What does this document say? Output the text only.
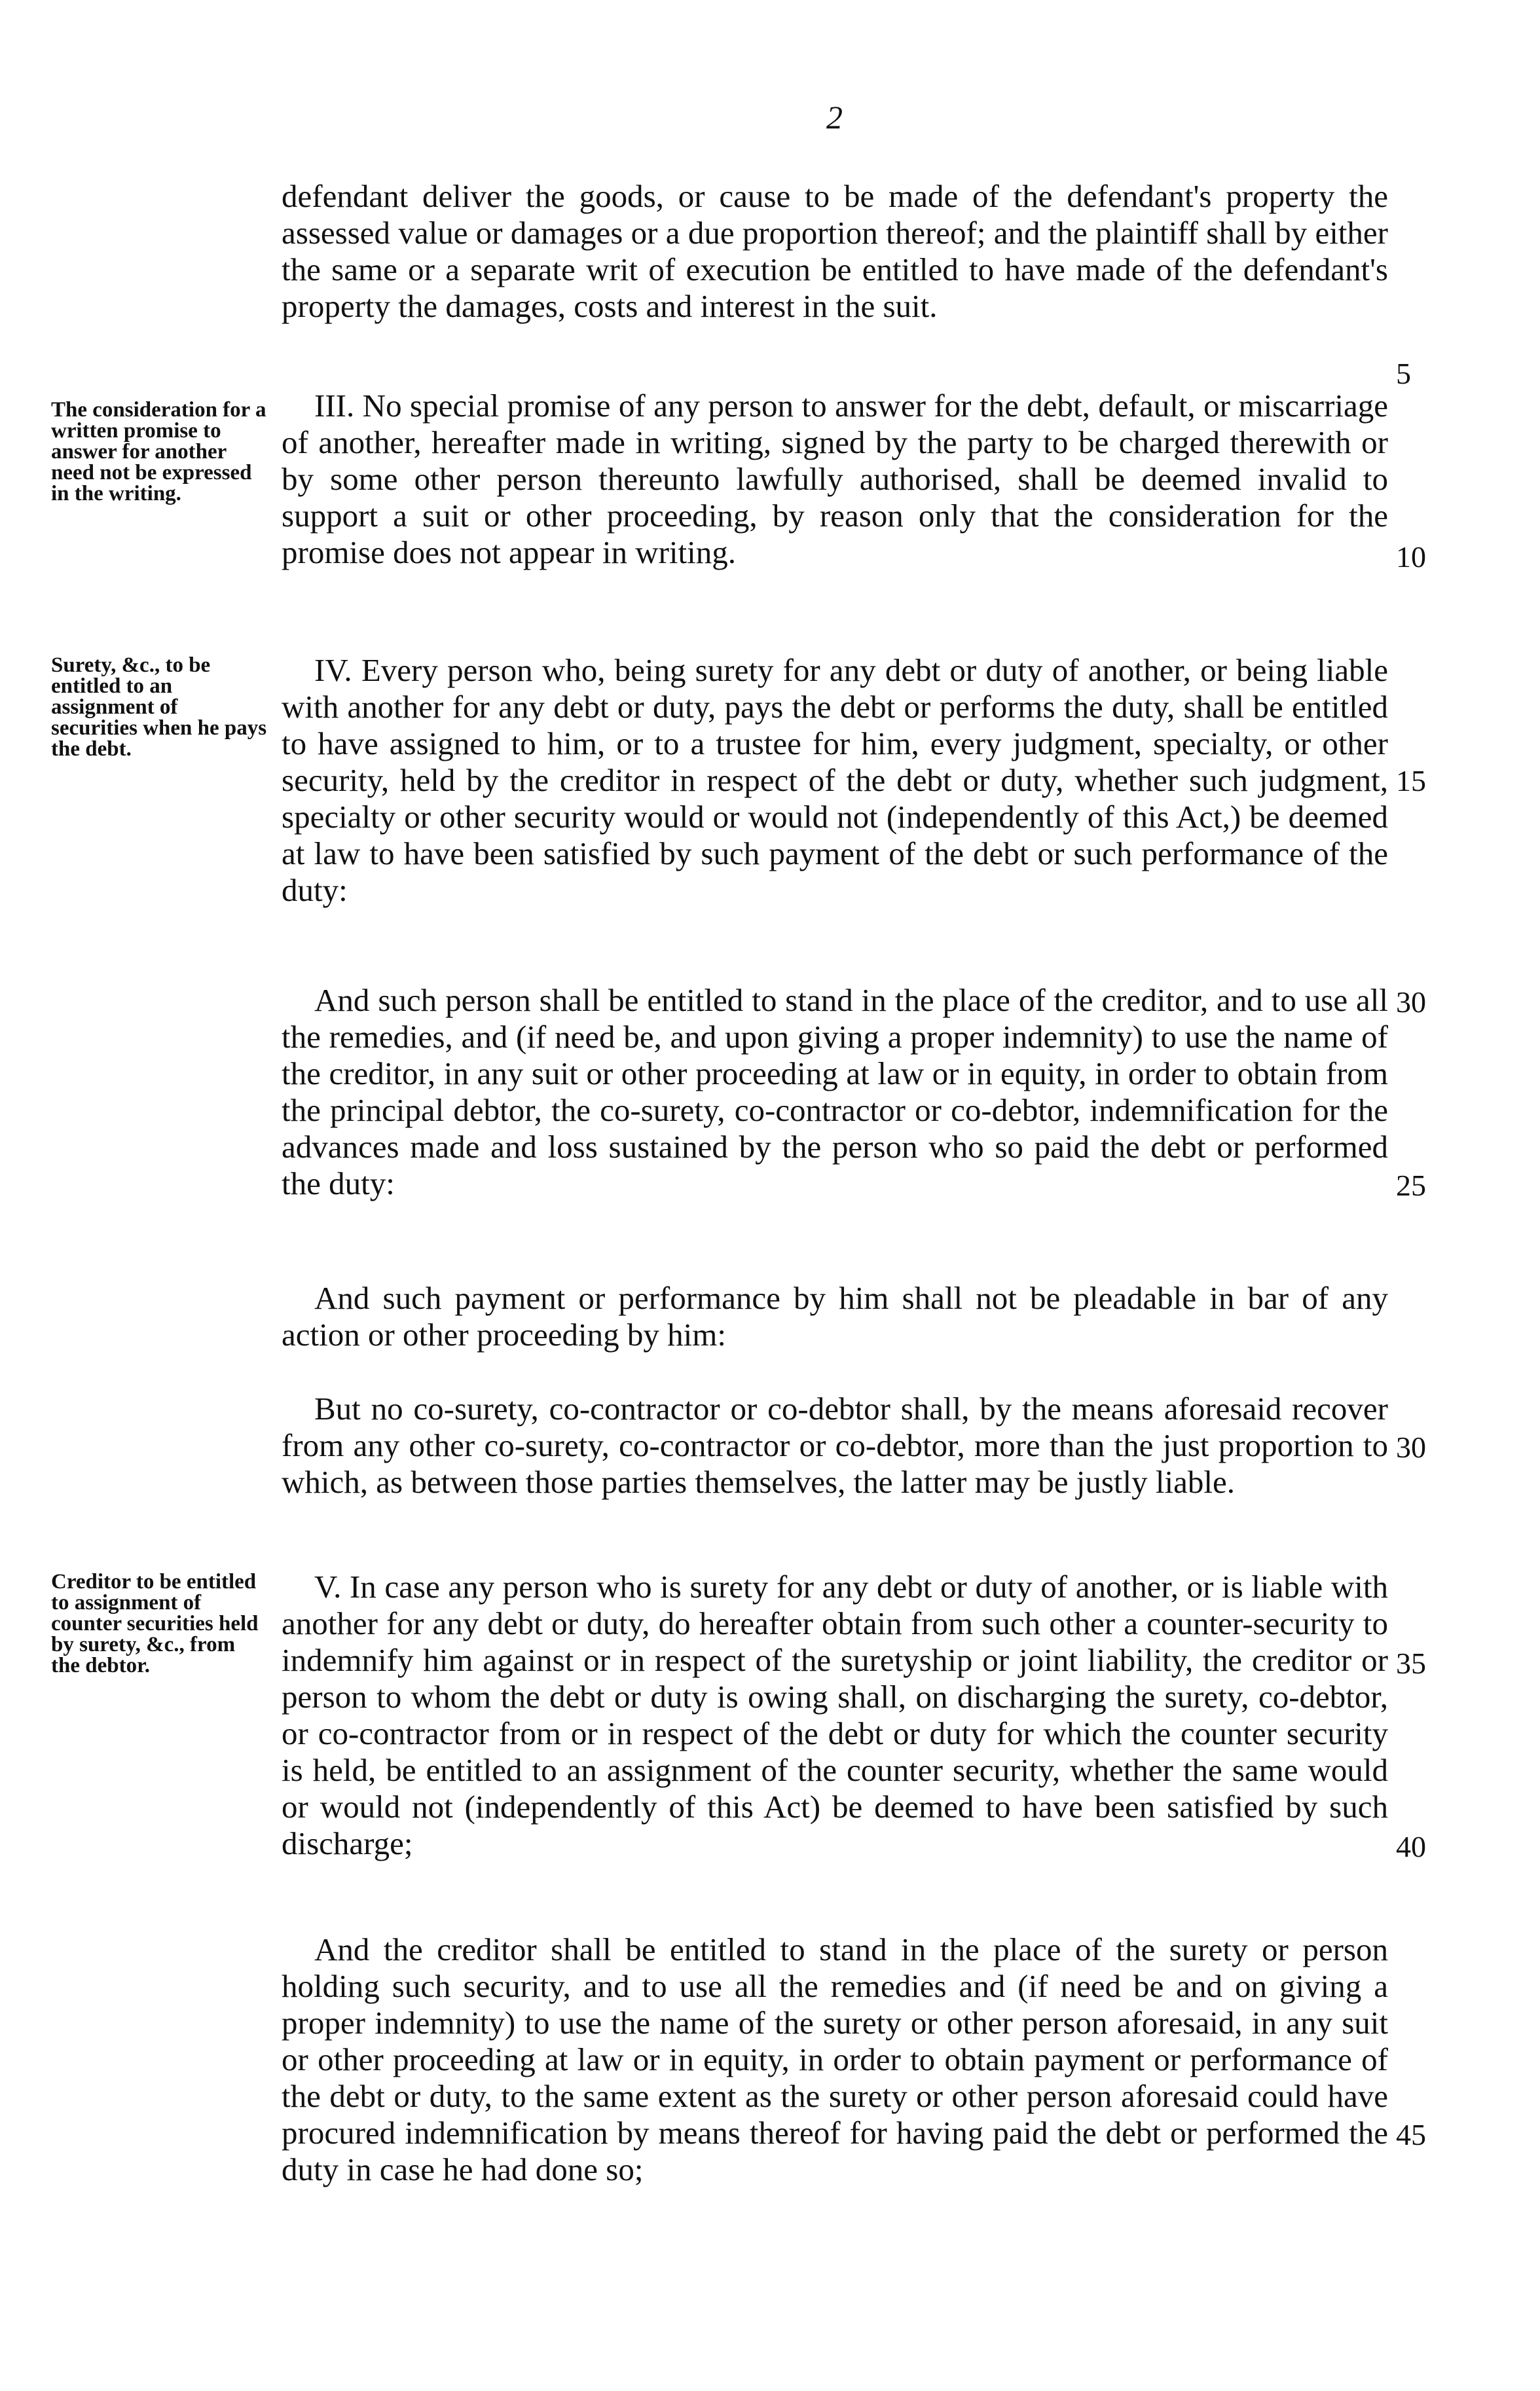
2
defendant deliver the goods, or cause to be made of the defendant's property the assessed value or damages or a due proportion thereof; and the plaintiff shall by either the same or a separate writ of execution be entitled to have made of the defendant's property the damages, costs and interest in the suit.
III. No special promise of any person to answer for the debt, default, or miscarriage of another, hereafter made in writing, signed by the party to be charged therewith or by some other person thereunto lawfully authorised, shall be deemed invalid to support a suit or other proceeding, by reason only that the consideration for the promise does not appear in writing.
IV. Every person who, being surety for any debt or duty of another, or being liable with another for any debt or duty, pays the debt or performs the duty, shall be entitled to have assigned to him, or to a trustee for him, every judgment, specialty, or other security, held by the creditor in respect of the debt or duty, whether such judgment, specialty or other security would or would not (independently of this Act,) be deemed at law to have been satisfied by such payment of the debt or such performance of the duty:
And such person shall be entitled to stand in the place of the creditor, and to use all the remedies, and (if need be, and upon giving a proper indemnity) to use the name of the creditor, in any suit or other proceeding at law or in equity, in order to obtain from the principal debtor, the co-surety, co-contractor or co-debtor, indemnification for the advances made and loss sustained by the person who so paid the debt or performed the duty:
And such payment or performance by him shall not be pleadable in bar of any action or other proceeding by him:
But no co-surety, co-contractor or co-debtor shall, by the means aforesaid recover from any other co-surety, co-contractor or co-debtor, more than the just proportion to which, as between those parties themselves, the latter may be justly liable.
V. In case any person who is surety for any debt or duty of another, or is liable with another for any debt or duty, do hereafter obtain from such other a counter-security to indemnify him against or in respect of the suretyship or joint liability, the creditor or person to whom the debt or duty is owing shall, on discharging the surety, co-debtor, or co-contractor from or in respect of the debt or duty for which the counter security is held, be entitled to an assignment of the counter security, whether the same would or would not (independently of this Act) be deemed to have been satisfied by such discharge;
And the creditor shall be entitled to stand in the place of the surety or person holding such security, and to use all the remedies and (if need be and on giving a proper indemnity) to use the name of the surety or other person aforesaid, in any suit or other proceeding at law or in equity, in order to obtain payment or performance of the debt or duty, to the same extent as the surety or other person aforesaid could have procured indemnification by means thereof for having paid the debt or performed the duty in case he had done so;
The consideration for a written promise to answer for another need not be expressed in the writing.
Surety, &c., to be entitled to an assignment of securities when he pays the debt.
Creditor to be entitled to assignment of counter securities held by surety, &c., from the debtor.
5
10
15
30
25
30
35
40
45
